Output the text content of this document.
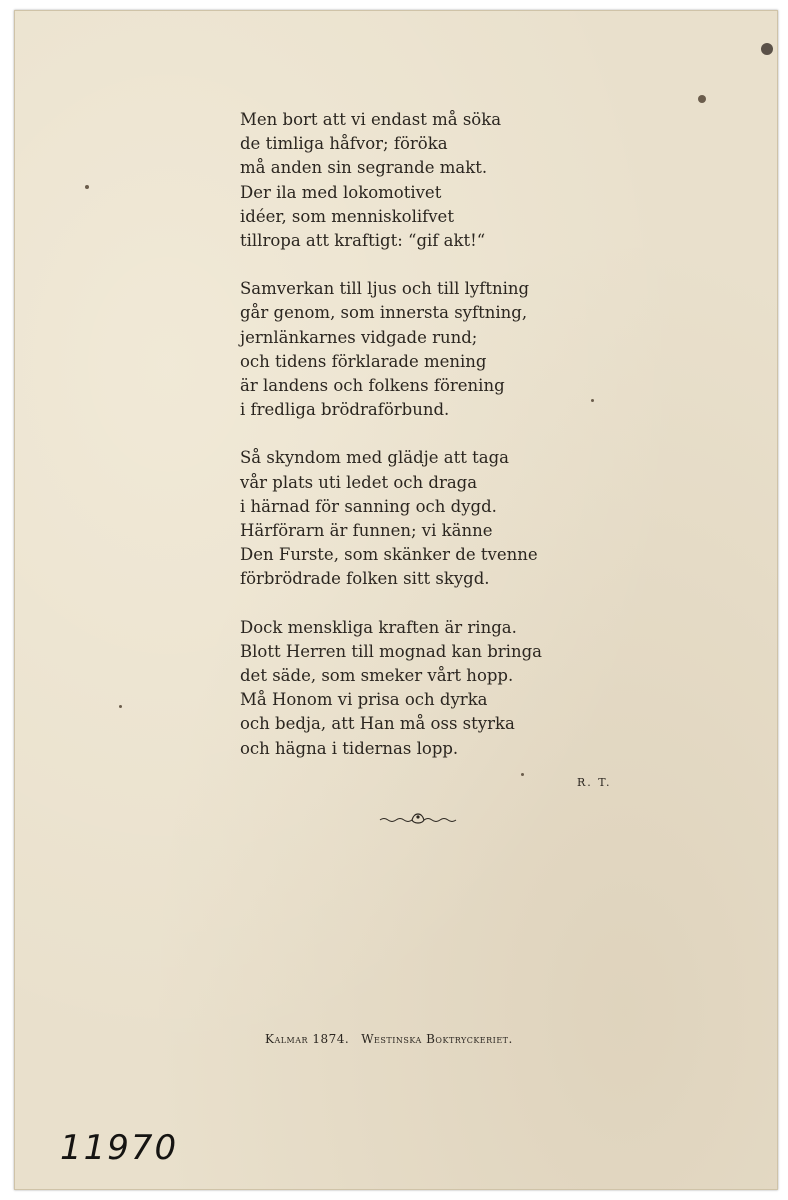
Men bort att vi endast må söka
de timliga håfvor; föröka
må anden sin segrande makt.
Der ila med lokomotivet
idéer, som menniskolifvet
tillropa att kraftigt: “gif akt!“
Samverkan till ljus och till lyftning
går genom, som innersta syftning,
jernlänkarnes vidgade rund;
och tidens förklarade mening
är landens och folkens förening
i fredliga brödraförbund.
Så skyndom med glädje att taga
vår plats uti ledet och draga
i härnad för sanning och dygd.
Härförarn är funnen; vi känne
Den Furste, som skänker de tvenne
förbrödrade folken sitt skygd.
Dock menskliga kraften är ringa.
Blott Herren till mognad kan bringa
det säde, som smeker vårt hopp.
Må Honom vi prisa och dyrka
och bedja, att Han må oss styrka
och hägna i tidernas lopp.
R. T.
Kalmar 1874. Westinska Boktryckeriet.
11970
